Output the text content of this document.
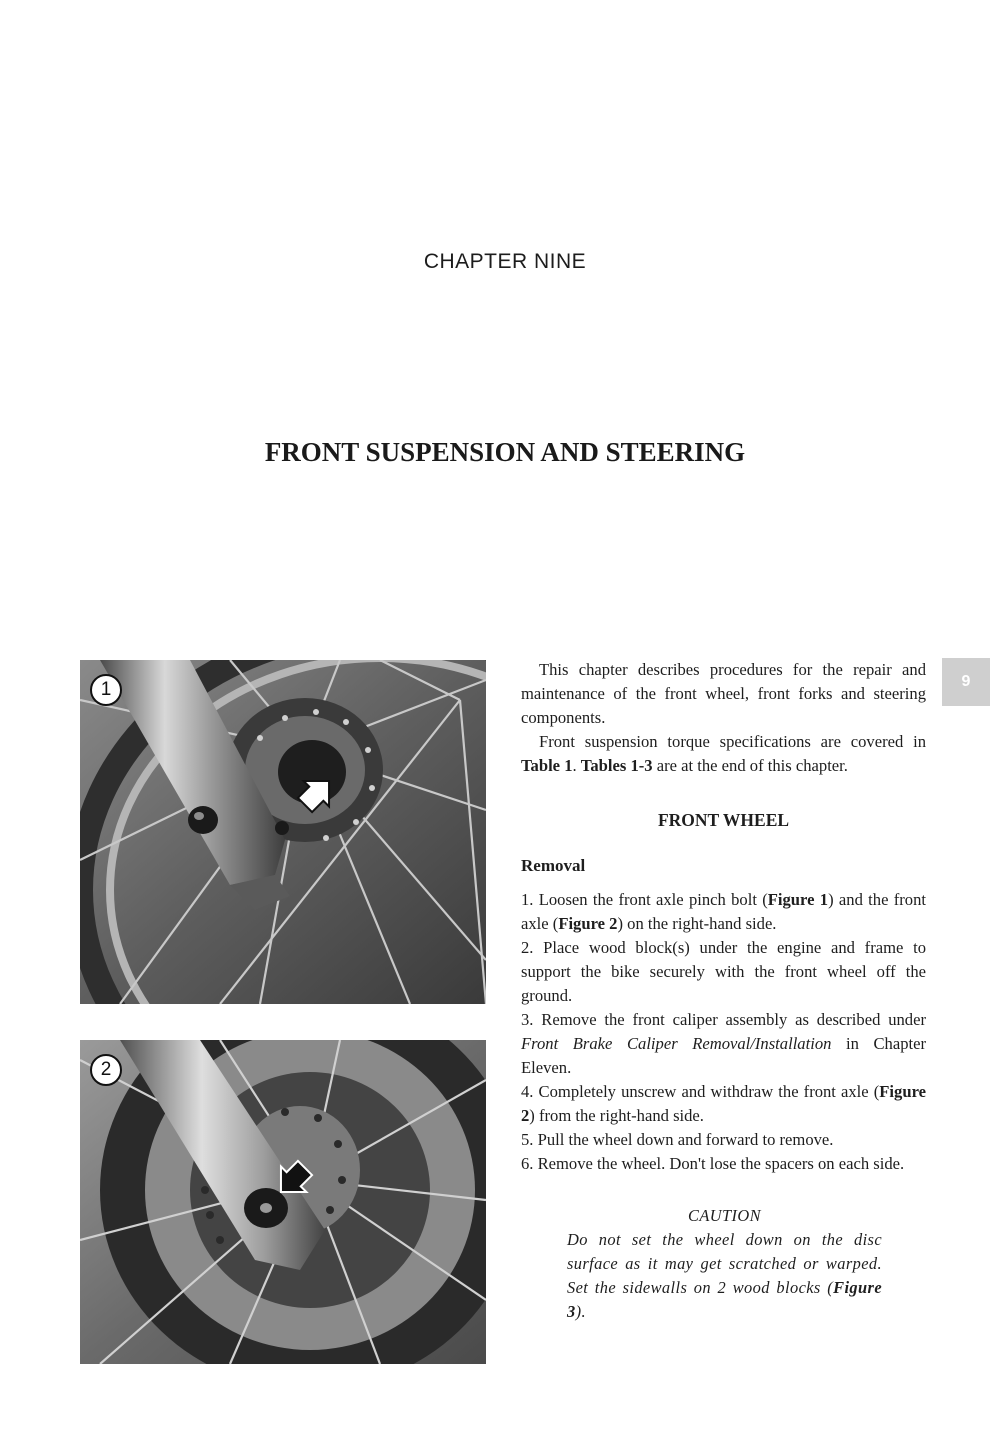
CHAPTER NINE
FRONT SUSPENSION AND STEERING
9
1
2

This chapter describes procedures for the repair and maintenance of the front wheel, front forks and steering components.

Front suspension torque specifications are covered in Table 1. Tables 1-3 are at the end of this chapter.

FRONT WHEEL
Removal
1. Loosen the front axle pinch bolt (Figure 1) and the front axle (Figure 2) on the right-hand side.
2. Place wood block(s) under the engine and frame to support the bike securely with the front wheel off the ground.
3. Remove the front caliper assembly as described under Front Brake Caliper Removal/Installation in Chapter Eleven.
4. Completely unscrew and withdraw the front axle (Figure 2) from the right-hand side.
5. Pull the wheel down and forward to remove.
6. Remove the wheel. Don't lose the spacers on each side.
CAUTION
Do not set the wheel down on the disc surface as it may get scratched or warped. Set the sidewalls on 2 wood blocks (Figure 3).
